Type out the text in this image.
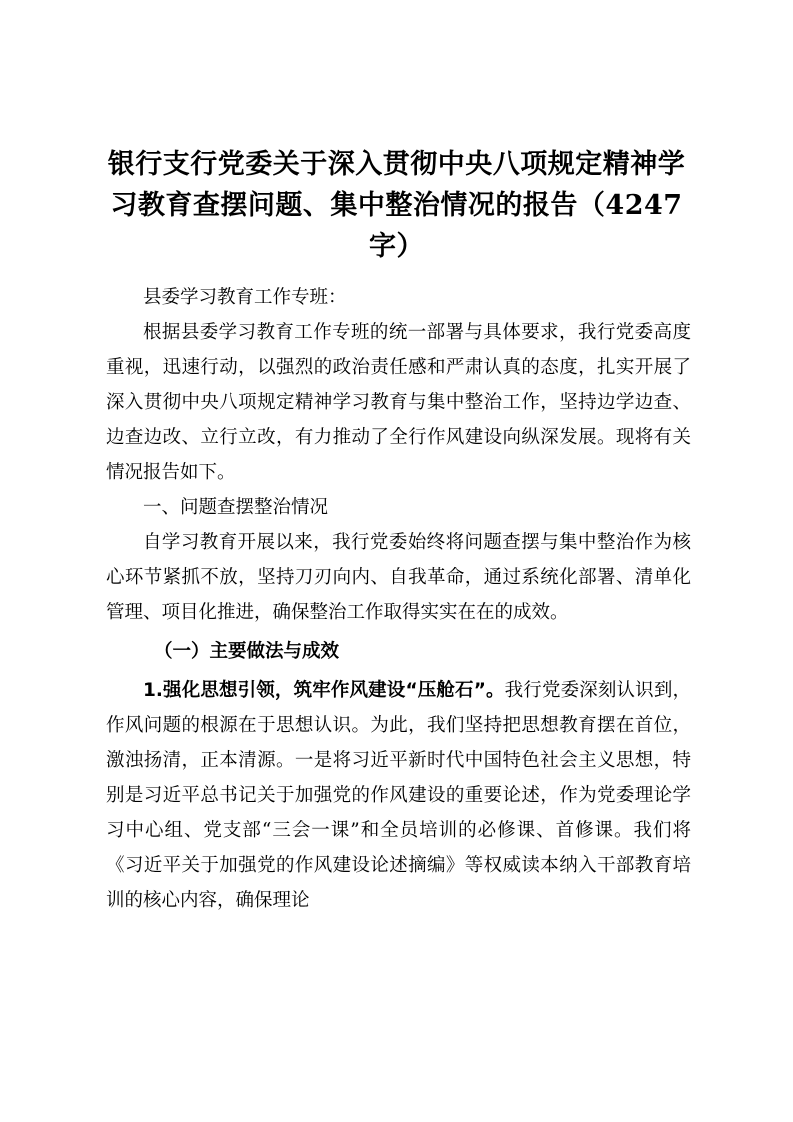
银行支行党委关于深入贯彻中央八项规定精神学习教育查摆问题、集中整治情况的报告（4247字）

县委学习教育工作专班：

根据县委学习教育工作专班的统一部署与具体要求，我行党委高度重视，迅速行动，以强烈的政治责任感和严肃认真的态度，扎实开展了深入贯彻中央八项规定精神学习教育与集中整治工作，坚持边学边查、边查边改、立行立改，有力推动了全行作风建设向纵深发展。现将有关情况报告如下。

一、问题查摆整治情况

自学习教育开展以来，我行党委始终将问题查摆与集中整治作为核心环节紧抓不放，坚持刀刃向内、自我革命，通过系统化部署、清单化管理、项目化推进，确保整治工作取得实实在在的成效。

（一）主要做法与成效

1.强化思想引领，筑牢作风建设“压舱石”。我行党委深刻认识到，作风问题的根源在于思想认识。为此，我们坚持把思想教育摆在首位，激浊扬清，正本清源。一是将习近平新时代中国特色社会主义思想，特别是习近平总书记关于加强党的作风建设的重要论述，作为党委理论学习中心组、党支部“三会一课”和全员培训的必修课、首修课。我们将《习近平关于加强党的作风建设论述摘编》等权威读本纳入干部教育培训的核心内容，确保理论
